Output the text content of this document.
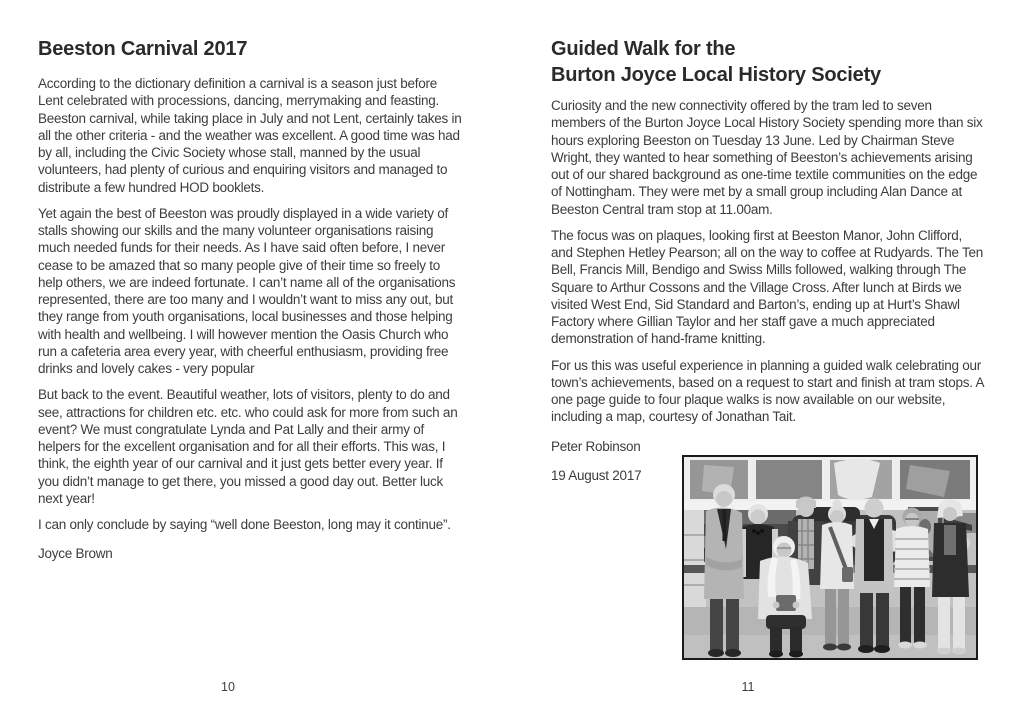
Beeston Carnival 2017

According to the dictionary definition a carnival is a season just before Lent celebrated with processions, dancing, merrymaking and feasting. Beeston carnival, while taking place in July and not Lent, certainly takes in all the other criteria - and the weather was excellent. A good time was had by all, including the Civic Society whose stall, manned by the usual volunteers, had plenty of curious and enquiring visitors and managed to distribute a few hundred HOD booklets.

Yet again the best of Beeston was proudly displayed in a wide variety of stalls showing our skills and the many volunteer organisations raising much needed funds for their needs. As I have said often before, I never cease to be amazed that so many people give of their time so freely to help others, we are indeed fortunate. I can’t name all of the organisations represented, there are too many and I wouldn’t want to miss any out, but they range from youth organisations, local businesses and those helping with health and wellbeing. I will however mention the Oasis Church who run a cafeteria area every year, with cheerful enthusiasm, providing free drinks and lovely cakes - very popular

But back to the event. Beautiful weather, lots of visitors, plenty to do and see, attractions for children etc. etc. who could ask for more from such an event? We must congratulate Lynda and Pat Lally and their army of helpers for the excellent organisation and for all their efforts. This was, I think, the eighth year of our carnival and it just gets better every year. If you didn’t manage to get there, you missed a good day out. Better luck next year!

I can only conclude by saying “well done Beeston, long may it continue”.

Joyce Brown

Guided Walk for the
Burton Joyce Local History Society

Curiosity and the new connectivity offered by the tram led to seven members of the Burton Joyce Local History Society spending more than six hours exploring Beeston on Tuesday 13 June. Led by Chairman Steve Wright, they wanted to hear something of Beeston’s achievements arising out of our shared background as one-time textile communities on the edge of Nottingham. They were met by a small group including Alan Dance at Beeston Central tram stop at 11.00am.

The focus was on plaques, looking first at Beeston Manor, John Clifford, and Stephen Hetley Pearson; all on the way to coffee at Rudyards. The Ten Bell, Francis Mill, Bendigo and Swiss Mills followed, walking through The Square to Arthur Cossons and the Village Cross. After lunch at Birds we visited West End, Sid Standard and Barton’s, ending up at Hurt’s Shawl Factory where Gillian Taylor and her staff gave a much appreciated demonstration of hand-frame knitting.

For us this was useful experience in planning a guided walk celebrating our town’s achievements, based on a request to start and finish at tram stops. A one page guide to four plaque walks is now available on our website, including a map, courtesy of Jonathan Tait.

Peter Robinson

19 August 2017

10	11
